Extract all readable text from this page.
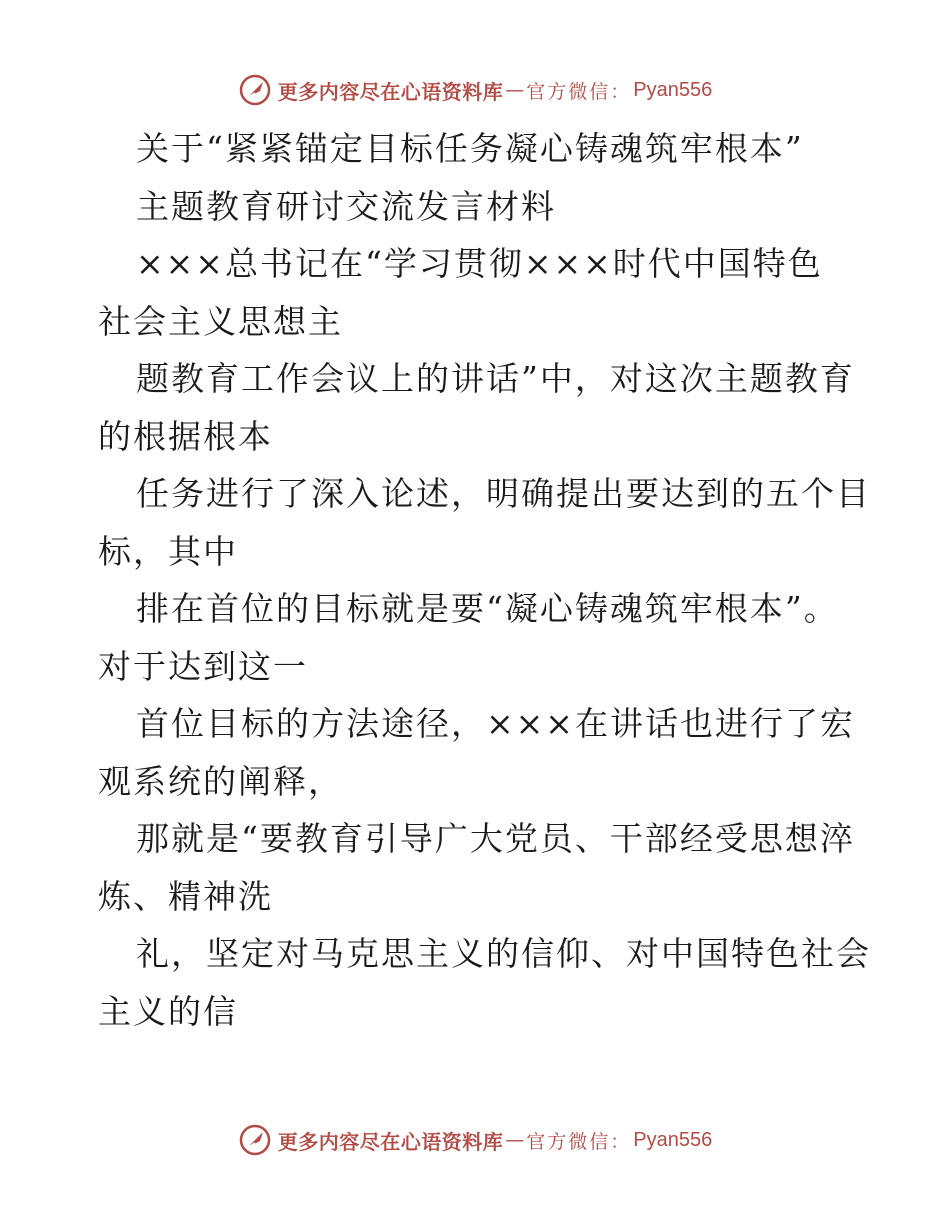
更多内容尽在心语资料库 — 官方微信： Pyan556
关于“紧紧锚定目标任务凝心铸魂筑牢根本”
主题教育研讨交流发言材料
×××总书记在“学习贯彻×××时代中国特色
社会主义思想主
题教育工作会议上的讲话”中，对这次主题教育
的根据根本
任务进行了深入论述，明确提出要达到的五个目
标，其中
排在首位的目标就是要“凝心铸魂筑牢根本”。
对于达到这一
首位目标的方法途径，×××在讲话也进行了宏
观系统的阐释，
那就是“要教育引导广大党员、干部经受思想淬
炼、精神洗
礼，坚定对马克思主义的信仰、对中国特色社会
主义的信
更多内容尽在心语资料库 — 官方微信： Pyan556
